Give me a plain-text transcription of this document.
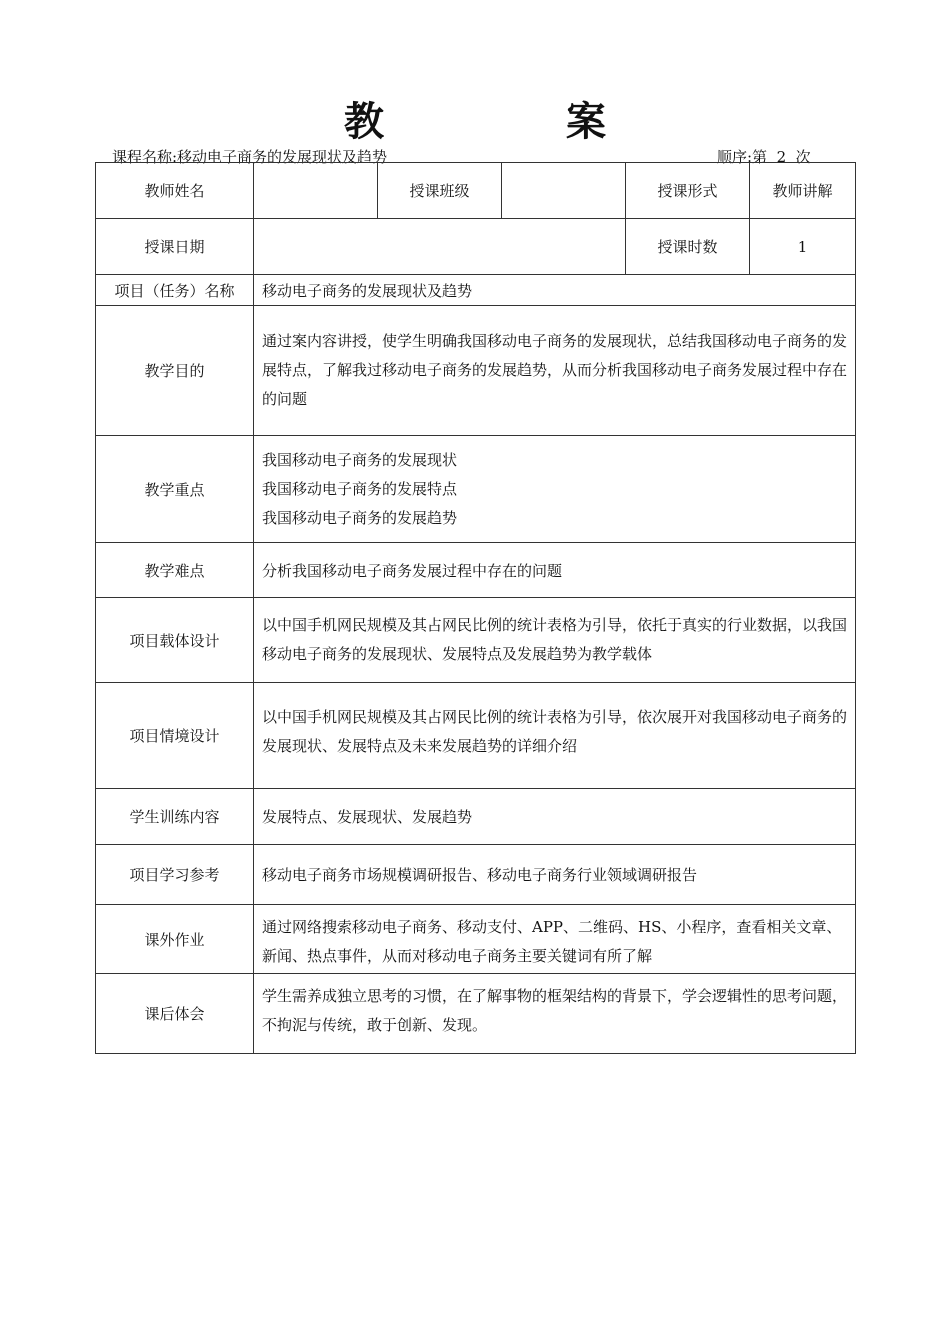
教 案
课程名称:移动电子商务的发展现状及趋势	顺序:第  2  次
教师姓名		授课班级		授课形式	教师讲解
授课日期				授课时数	1
项目（任务）名称	移动电子商务的发展现状及趋势				
教学目的	通过案内容讲授，使学生明确我国移动电子商务的发展现状，总结我国移动电子商务的发展特点，了解我过移动电子商务的发展趋势，从而分析我国移动电子商务发展过程中存在的问题				
教学重点	我国移动电子商务的发展现状
我国移动电子商务的发展特点
我国移动电子商务的发展趋势				

教学难点	分析我国移动电子商务发展过程中存在的问题				
项目载体设计	以中国手机网民规模及其占网民比例的统计表格为引导，依托于真实的行业数据，以我国移动电子商务的发展现状、发展特点及发展趋势为教学载体				
项目情境设计	以中国手机网民规模及其占网民比例的统计表格为引导，依次展开对我国移动电子商务的发展现状、发展特点及未来发展趋势的详细介绍				
学生训练内容	发展特点、发展现状、发展趋势				
项目学习参考	移动电子商务市场规模调研报告、移动电子商务行业领域调研报告				
课外作业	通过网络搜索移动电子商务、移动支付、APP、二维码、HS、小程序，查看相关文章、新闻、热点事件，从而对移动电子商务主要关键词有所了解				
课后体会	学生需养成独立思考的习惯，在了解事物的框架结构的背景下，学会逻辑性的思考问题，不拘泥与传统，敢于创新、发现。				
